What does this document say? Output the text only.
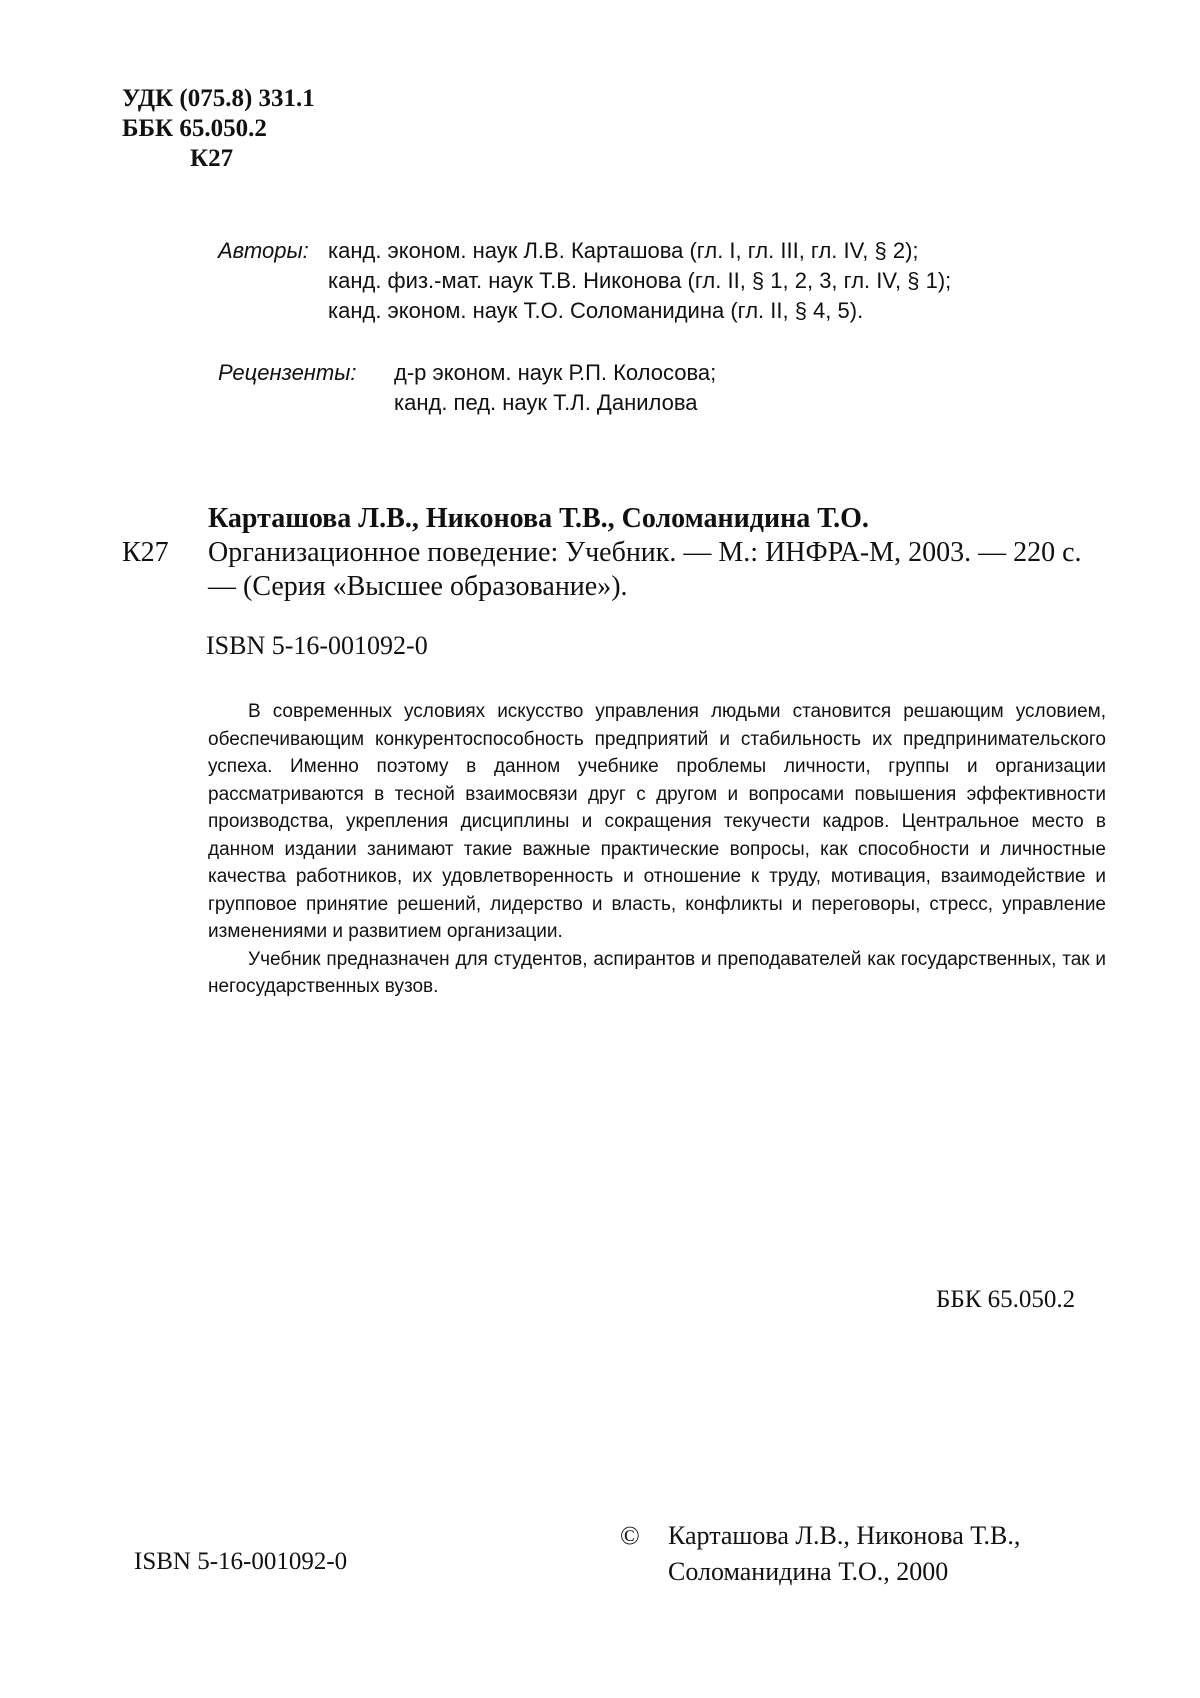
УДК (075.8) 331.1
ББК 65.050.2
К27
Авторы: канд. эконом. наук Л.В. Карташова (гл. I, гл. III, гл. IV, § 2);
канд. физ.-мат. наук Т.В. Никонова (гл. II, § 1, 2, 3, гл. IV, § 1);
канд. эконом. наук Т.О. Соломанидина (гл. II, § 4, 5).
Рецензенты:	д-р эконом. наук Р.П. Колосова;
канд. пед. наук Т.Л. Данилова
Карташова Л.В., Никонова Т.В., Соломанидина Т.О.
К27	Организационное поведение: Учебник. — М.: ИНФРА-М, 2003. — 220 с. — (Серия «Высшее образование»).
ISBN 5-16-001092-0

В современных условиях искусство управления людьми становится решающим условием, обеспечивающим конкурентоспособность предприятий и стабильность их предпринимательского успеха. Именно поэтому в данном учебнике проблемы личности, группы и организации рассматриваются в тесной взаимосвязи друг с другом и вопросами повышения эффективности производства, укрепления дисциплины и сокращения текучести кадров. Центральное место в данном издании занимают такие важные практические вопросы, как способности и личностные качества работников, их удовлетворенность и отношение к труду, мотивация, взаимодействие и групповое принятие решений, лидерство и власть, конфликты и переговоры, стресс, управление изменениями и развитием организации.

Учебник предназначен для студентов, аспирантов и преподавателей как государственных, так и негосударственных вузов.

ББК 65.050.2
ISBN 5-16-001092-0
©	Карташова Л.В., Никонова Т.В.,
Соломанидина Т.О., 2000
